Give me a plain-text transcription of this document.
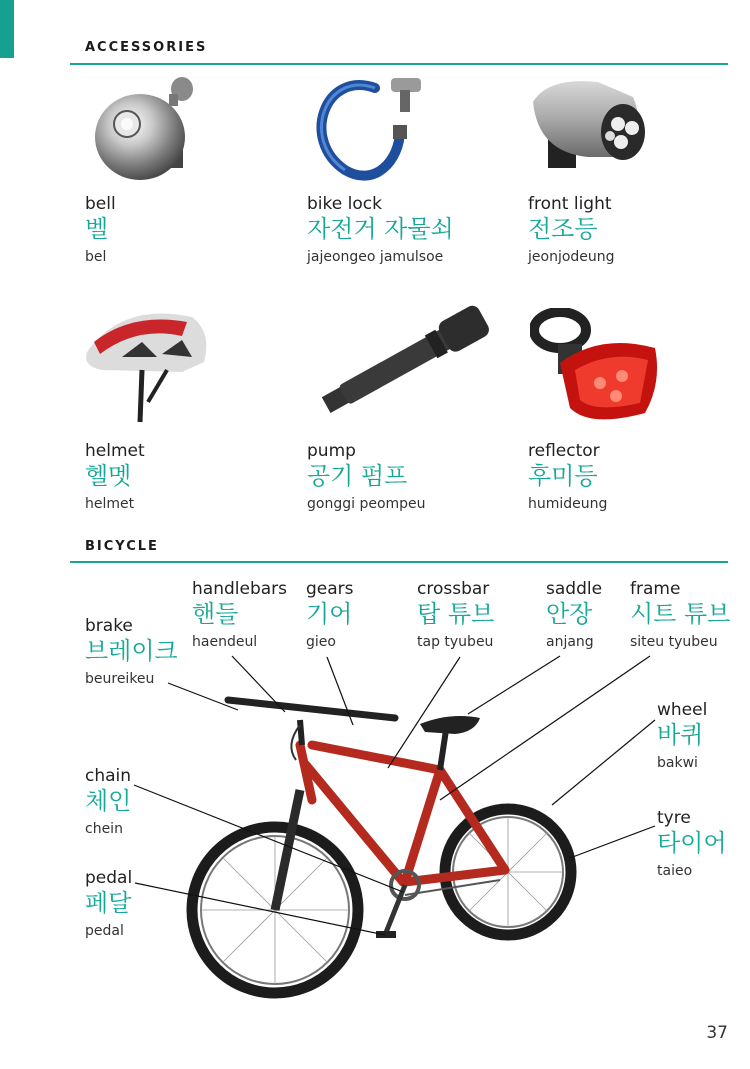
ACCESSORIES
bell
벨
bel
bike lock
자전거 자물쇠
jajeongeo jamulsoe
front light
전조등
jeonjodeung
helmet
헬멧
helmet
pump
공기 펌프
gonggi peompeu
reflector
후미등
humideung
BICYCLE
brake
브레이크
beureikeu
handlebars
핸들
haendeul
gears
기어
gieo
crossbar
탑 튜브
tap tyubeu
saddle
안장
anjang
frame
시트 튜브
siteu tyubeu
wheel
바퀴
bakwi
tyre
타이어
taieo
chain
체인
chein
pedal
페달
pedal
37
